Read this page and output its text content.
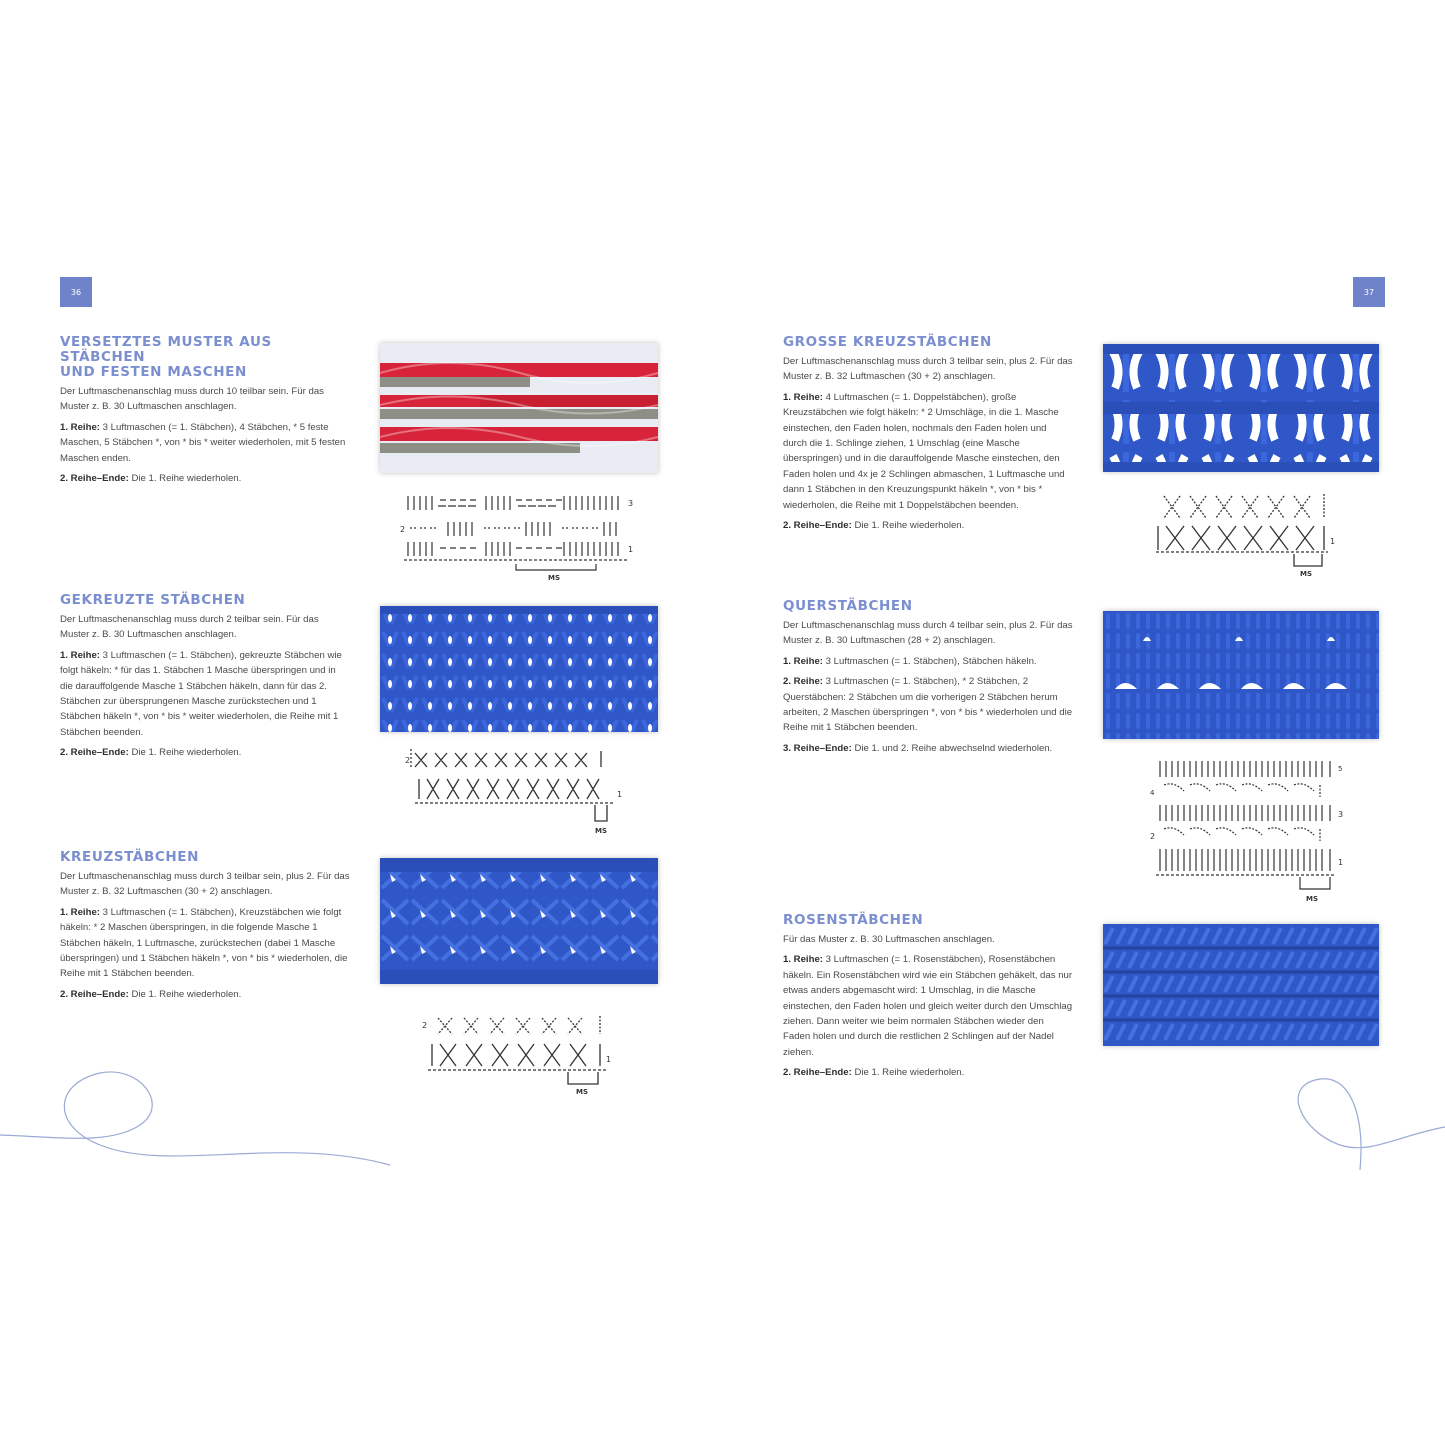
36	37
VERSETZTES MUSTER AUS STÄBCHEN
UND FESTEN MASCHEN

Der Luftmaschenanschlag muss durch 10 teilbar sein. Für das Muster z. B. 30 Luftmaschen anschlagen.

1. Reihe: 3 Luftmaschen (= 1. Stäbchen), 4 Stäbchen, * 5 feste Maschen, 5 Stäbchen *, von * bis * weiter wiederholen, mit 5 festen Maschen enden.

2. Reihe–Ende: Die 1. Reihe wiederholen.

GEKREUZTE STÄBCHEN

Der Luftmaschenanschlag muss durch 2 teilbar sein. Für das Muster z. B. 30 Luftmaschen anschlagen.

1. Reihe: 3 Luftmaschen (= 1. Stäbchen), gekreuzte Stäbchen wie folgt häkeln: * für das 1. Stäbchen 1 Masche überspringen und in die darauffolgende Masche 1 Stäbchen häkeln, dann für das 2. Stäbchen zur übersprungenen Masche zurückstechen und 1 Stäbchen häkeln *, von * bis * weiter wiederholen, die Reihe mit 1 Stäbchen beenden.

2. Reihe–Ende: Die 1. Reihe wiederholen.

KREUZSTÄBCHEN

Der Luftmaschenanschlag muss durch 3 teilbar sein, plus 2. Für das Muster z. B. 32 Luftmaschen (30 + 2) anschlagen.

1. Reihe: 3 Luftmaschen (= 1. Stäbchen), Kreuzstäbchen wie folgt häkeln: * 2 Maschen überspringen, in die folgende Masche 1 Stäbchen häkeln, 1 Luftmasche, zurückstechen (dabei 1 Masche überspringen) und 1 Stäbchen häkeln *, von * bis * wiederholen, die Reihe mit 1 Stäbchen beenden.

2. Reihe–Ende: Die 1. Reihe wiederholen.

GROSSE KREUZSTÄBCHEN

Der Luftmaschenanschlag muss durch 3 teilbar sein, plus 2. Für das Muster z. B. 32 Luftmaschen (30 + 2) anschlagen.

1. Reihe: 4 Luftmaschen (= 1. Doppelstäbchen), große Kreuzstäbchen wie folgt häkeln: * 2 Umschläge, in die 1. Masche einstechen, den Faden holen, nochmals den Faden holen und durch die 1. Schlinge ziehen, 1 Umschlag (eine Masche überspringen) und in die darauffolgende Masche einstechen, den Faden holen und 4x je 2 Schlingen abmaschen, 1 Luftmasche und dann 1 Stäbchen in den Kreuzungspunkt häkeln *, von * bis * wiederholen, die Reihe mit 1 Doppelstäbchen beenden.

2. Reihe–Ende: Die 1. Reihe wiederholen.

QUERSTÄBCHEN

Der Luftmaschenanschlag muss durch 4 teilbar sein, plus 2. Für das Muster z. B. 30 Luftmaschen (28 + 2) anschlagen.

1. Reihe: 3 Luftmaschen (= 1. Stäbchen), Stäbchen häkeln.

2. Reihe: 3 Luftmaschen (= 1. Stäbchen), * 2 Stäbchen, 2 Querstäbchen: 2 Stäbchen um die vorherigen 2 Stäbchen herum arbeiten, 2 Maschen überspringen *, von * bis * wiederholen und die Reihe mit 1 Stäbchen beenden.

3. Reihe–Ende: Die 1. und 2. Reihe abwechselnd wiederholen.

ROSENSTÄBCHEN

Für das Muster z. B. 30 Luftmaschen anschlagen.

1. Reihe: 3 Luftmaschen (= 1. Rosenstäbchen), Rosenstäbchen häkeln. Ein Rosenstäbchen wird wie ein Stäbchen gehäkelt, das nur etwas anders abgemascht wird: 1 Umschlag, in die Masche einstechen, den Faden holen und gleich weiter durch den Umschlag ziehen. Dann weiter wie beim normalen Stäbchen wieder den Faden holen und durch die restlichen 2 Schlingen auf der Nadel ziehen.

2. Reihe–Ende: Die 1. Reihe wiederholen.

3
2
1
MS
2
1
MS
2
1
MS
1
MS
5
4
3
2
1
MS
